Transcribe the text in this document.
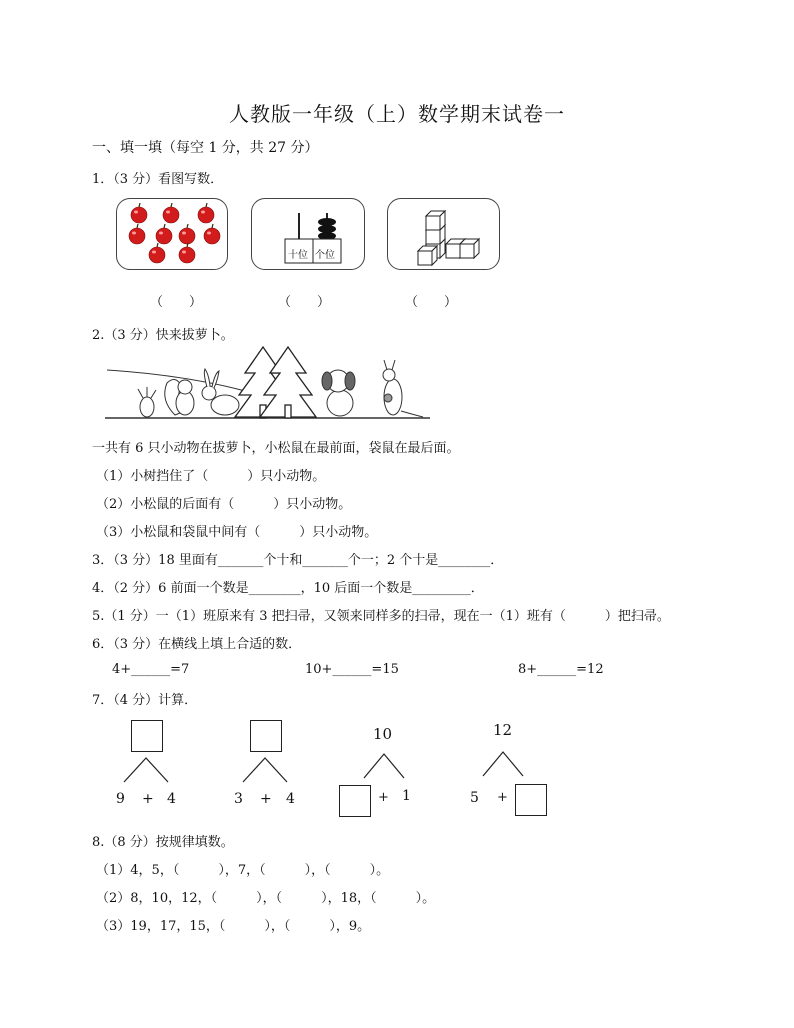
人教版一年级（上）数学期末试卷一
一、填一填（每空 1 分，共 27 分）
1．（3 分）看图写数．
十位 个位
（　　）	（　　）	（　　）
2.（3 分）快来拔萝卜。
一共有 6 只小动物在拔萝卜，小松鼠在最前面，袋鼠在最后面。
（1）小树挡住了（　　　）只小动物。
（2）小松鼠的后面有（　　　）只小动物。
（3）小松鼠和袋鼠中间有（　　　）只小动物。
3．（3 分）18 里面有_______个十和_______个一；2 个十是________．
4．（2 分）6 前面一个数是________，10 后面一个数是_________．
5.（1 分）一（1）班原来有 3 把扫帚，又领来同样多的扫帚，现在一（1）班有（　　　）把扫帚。
6．（3 分）在横线上填上合适的数．
4+______=7	10+______=15	8+______=12
7．（4 分）计算．
9 + 4	3 + 4
10
+ 1
12
5 +
8.（8 分）按规律填数。
（1）4，5，（　　　），7，（　　　），（　　　）。
（2）8，10，12，（　　　），（　　　），18，（　　　）。
（3）19，17，15，（　　　），（　　　），9。
